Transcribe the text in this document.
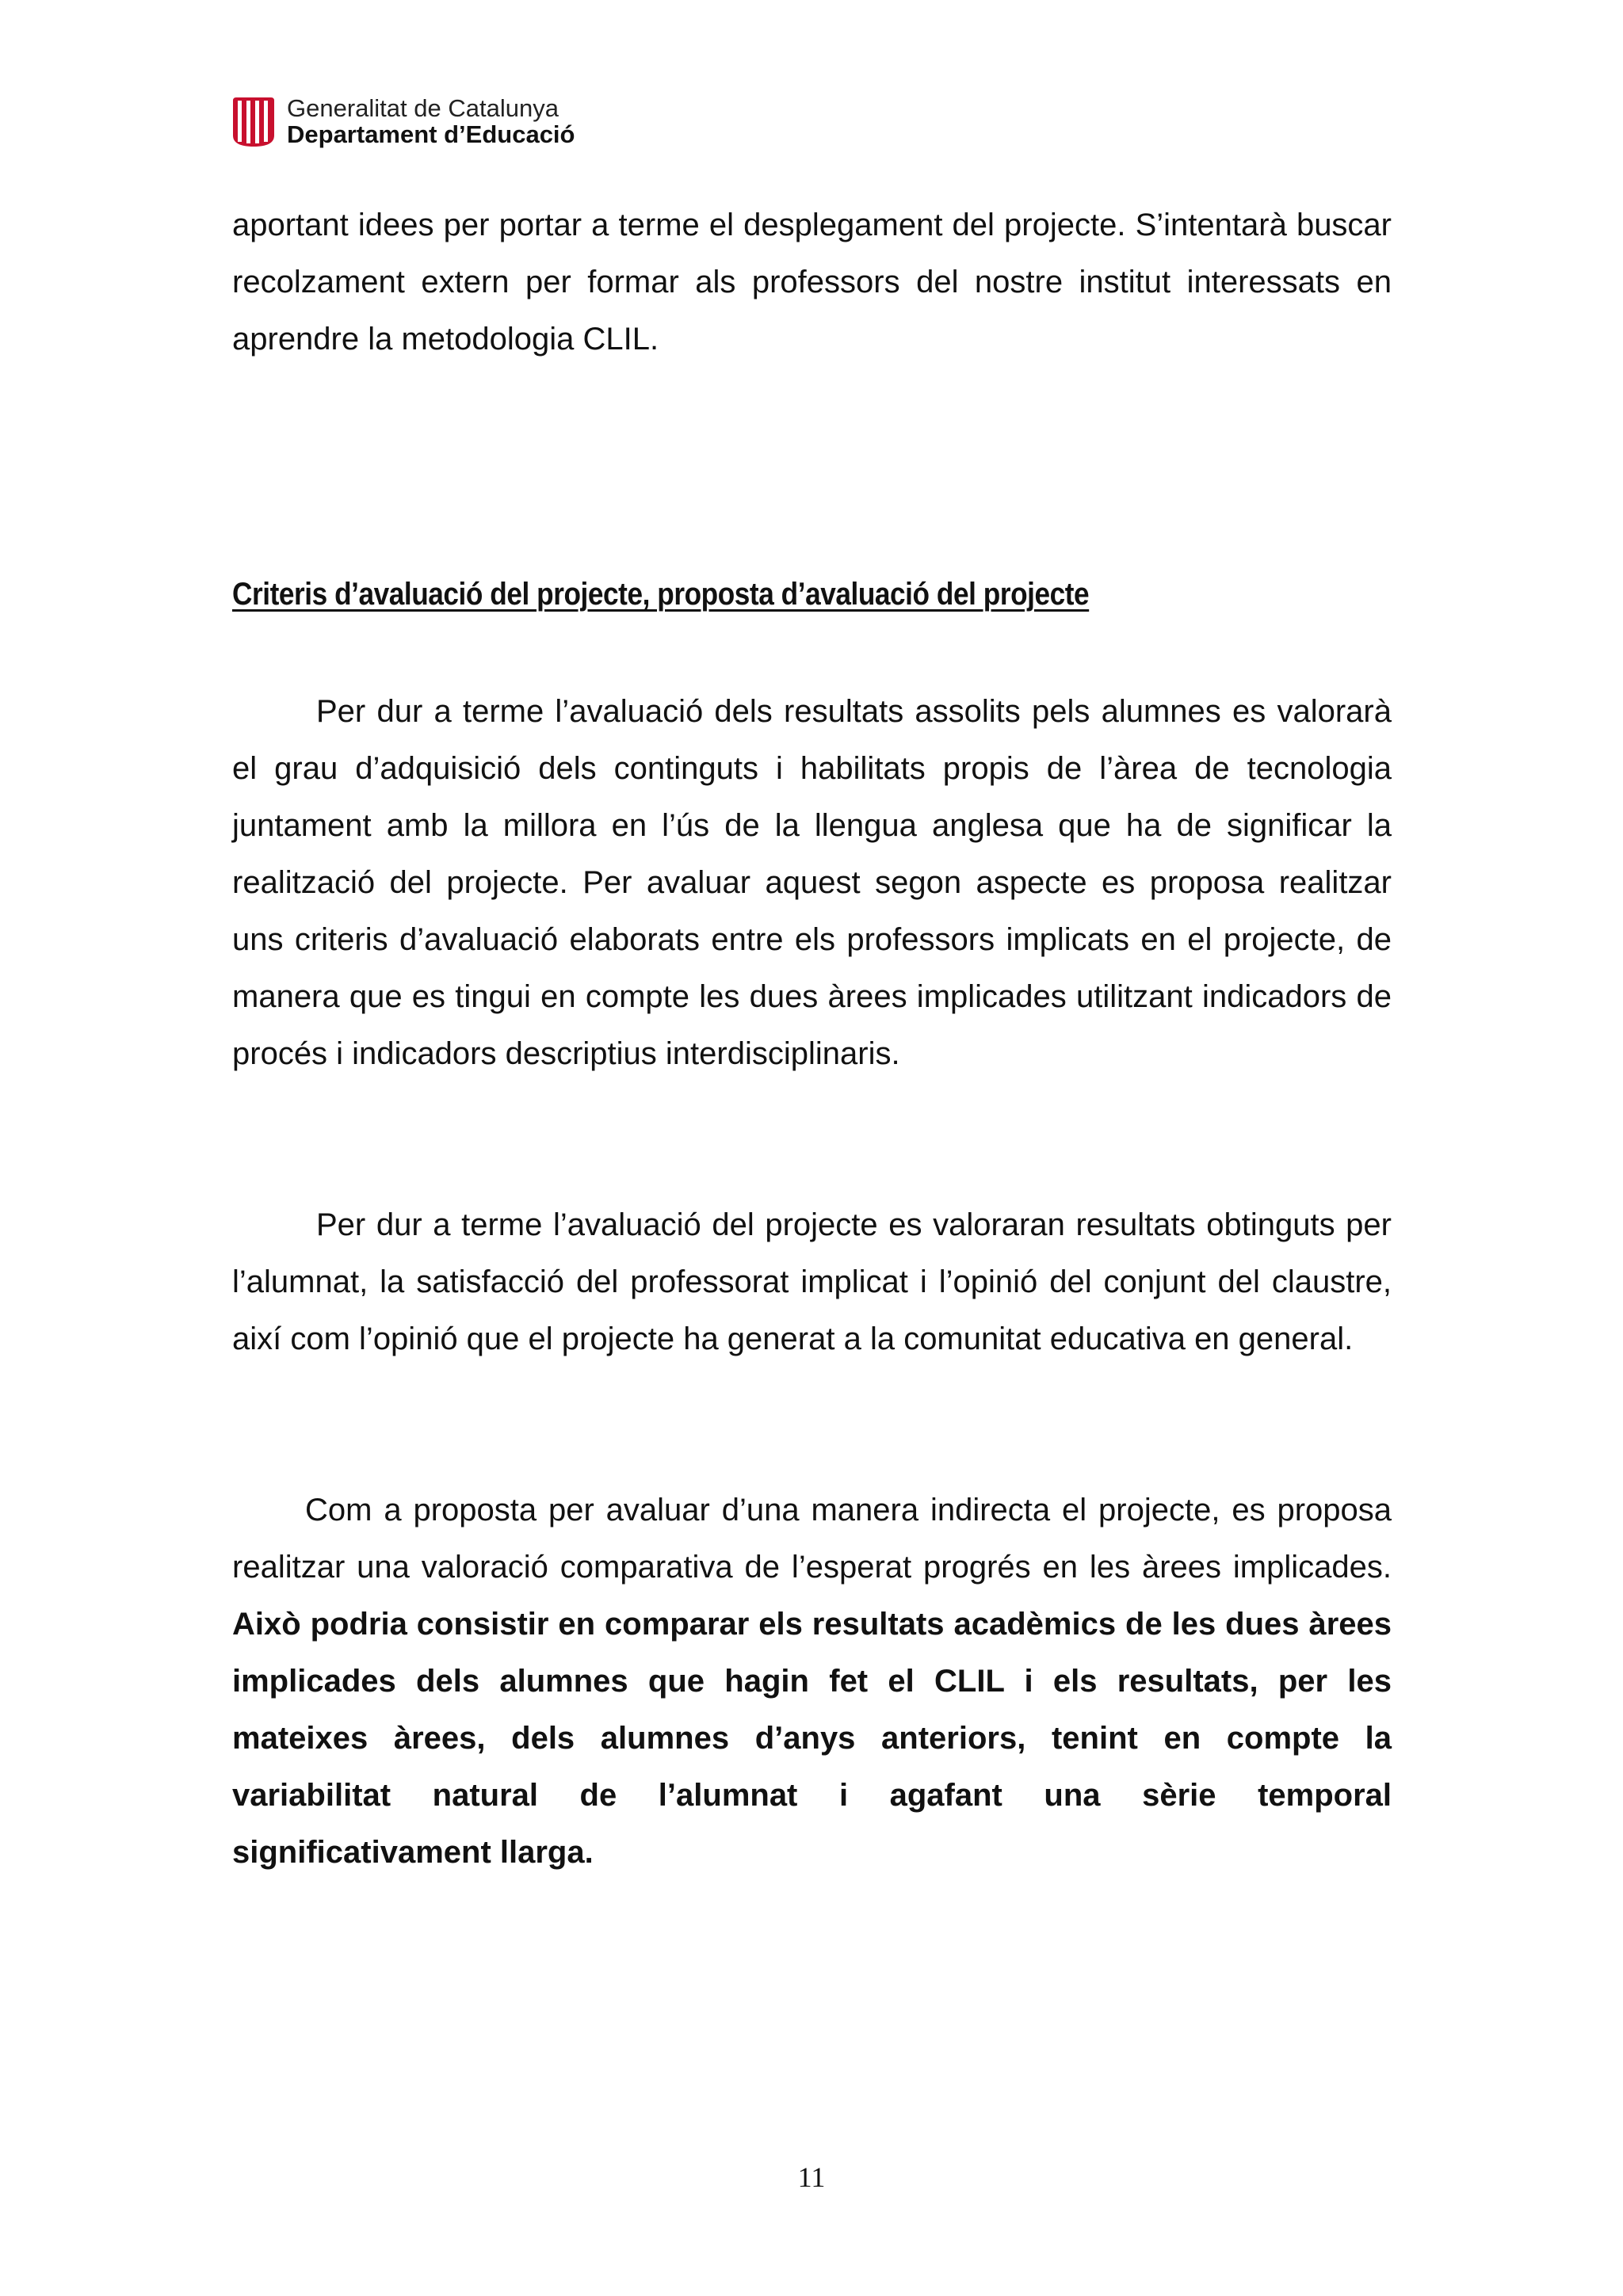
Generalitat de Catalunya
Departament d’Educació

aportant idees per portar a terme el desplegament del projecte. S’intentarà buscar recolzament extern per formar als professors del nostre institut interessats en aprendre la metodologia CLIL.

Criteris d’avaluació del projecte, proposta d’avaluació del projecte

Per dur a terme l’avaluació dels resultats assolits pels alumnes es valorarà el grau d’adquisició dels continguts i habilitats propis de l’àrea de tecnologia juntament amb la millora en l’ús de la llengua anglesa que ha de significar la realització del projecte. Per avaluar aquest segon aspecte es proposa realitzar uns criteris d’avaluació elaborats entre els professors implicats en el projecte, de manera que es tingui en compte les dues àrees implicades utilitzant indicadors de procés i indicadors descriptius interdisciplinaris.

Per dur a terme l’avaluació del projecte es valoraran resultats obtinguts per l’alumnat, la satisfacció del professorat implicat i l’opinió del conjunt del claustre, així com l’opinió que el projecte ha generat a la comunitat educativa en general.

Com a proposta per avaluar d’una manera indirecta el projecte, es proposa realitzar una valoració comparativa de l’esperat progrés en les àrees implicades. Això podria consistir en comparar els resultats acadèmics de les dues àrees implicades dels alumnes que hagin fet el CLIL i els resultats, per les mateixes àrees, dels alumnes d’anys anteriors, tenint en compte la variabilitat natural de l’alumnat i agafant una sèrie temporal significativament llarga.

11
